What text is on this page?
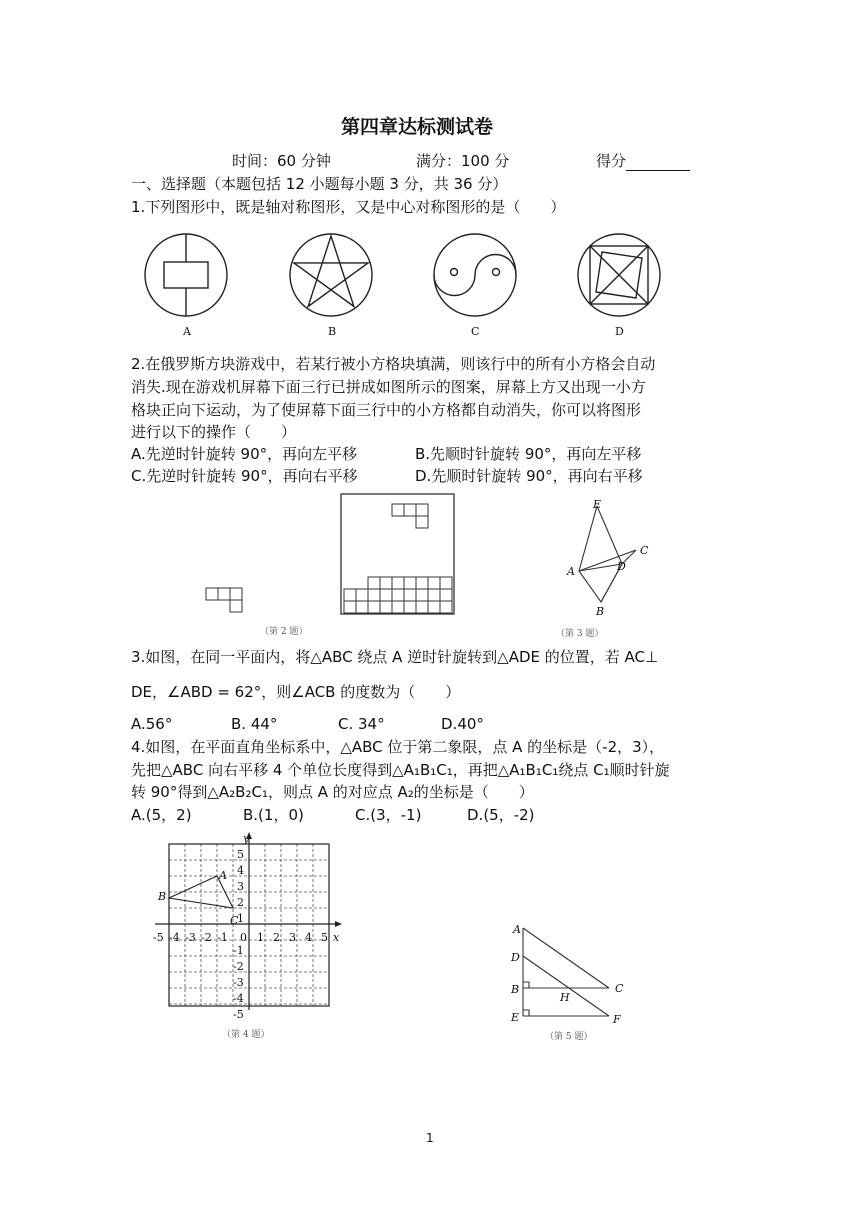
第四章达标测试卷
时间：60 分钟	满分：100 分	得分
一、选择题（本题包括 12 小题每小题 3 分，共 36 分）
1.下列图形中，既是轴对称图形，又是中心对称图形的是（　　）
A	B	C	D
2.在俄罗斯方块游戏中，若某行被小方格块填满，则该行中的所有小方格会自动
消失.现在游戏机屏幕下面三行已拼成如图所示的图案，屏幕上方又出现一小方
格块正向下运动，为了使屏幕下面三行中的小方格都自动消失，你可以将图形
进行以下的操作（　　）
A.先逆时针旋转 90°，再向左平移	B.先顺时针旋转 90°，再向左平移
C.先逆时针旋转 90°，再向右平移	D.先顺时针旋转 90°，再向右平移
（第 2 题）
E
C
A	D
B
（第 3 题）
3.如图，在同一平面内，将△ABC 绕点 A 逆时针旋转到△ADE 的位置，若 AC⊥
DE，∠ABD = 62°，则∠ACB 的度数为（　　）
A.56°	B. 44°	C. 34°	D.40°
4.如图，在平面直角坐标系中，△ABC 位于第二象限，点 A 的坐标是（-2，3），
先把△ABC 向右平移 4 个单位长度得到△A₁B₁C₁，再把△A₁B₁C₁绕点 C₁顺时针旋
转 90°得到△A₂B₂C₁，则点 A 的对应点 A₂的坐标是（　　）
A.(5，2)	B.(1，0)	C.(3，-1)	D.(5，-2)
x
y
-5 -4 -3 -2 -1 0 1 2 3 4 5
5
4
3
2
1
-1
-2
-3
-4
-5
A
B
C
（第 4 题）
A
D
B
H
C
E	F
（第 5 题）
1
